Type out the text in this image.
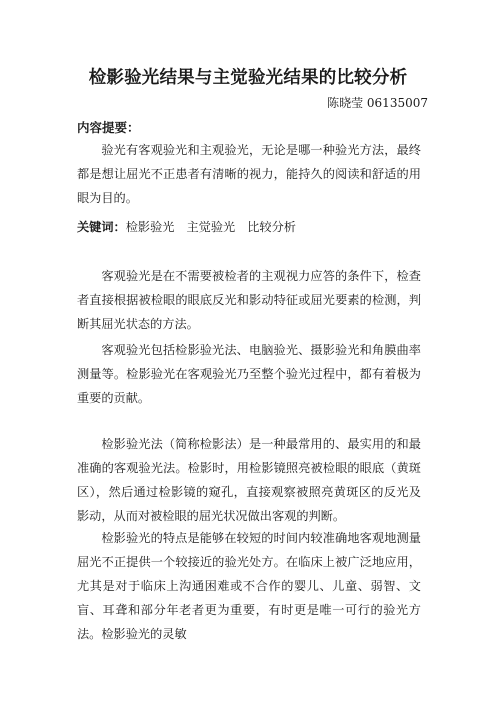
检影验光结果与主觉验光结果的比较分析
陈晓莹 06135007
内容提要：

验光有客观验光和主观验光，无论是哪一种验光方法，最终都是想让屈光不正患者有清晰的视力，能持久的阅读和舒适的用眼为目的。

关键词：检影验光 主觉验光 比较分析

客观验光是在不需要被检者的主观视力应答的条件下，检查者直接根据被检眼的眼底反光和影动特征或屈光要素的检测，判断其屈光状态的方法。

客观验光包括检影验光法、电脑验光、摄影验光和角膜曲率测量等。检影验光在客观验光乃至整个验光过程中，都有着极为重要的贡献。

检影验光法（简称检影法）是一种最常用的、最实用的和最准确的客观验光法。检影时，用检影镜照亮被检眼的眼底（黄斑区），然后通过检影镜的窥孔，直接观察被照亮黄斑区的反光及影动，从而对被检眼的屈光状况做出客观的判断。

检影验光的特点是能够在较短的时间内较准确地客观地测量屈光不正提供一个较接近的验光处方。在临床上被广泛地应用，尤其是对于临床上沟通困难或不合作的婴儿、儿童、弱智、文盲、耳聋和部分年老者更为重要，有时更是唯一可行的验光方法。检影验光的灵敏
